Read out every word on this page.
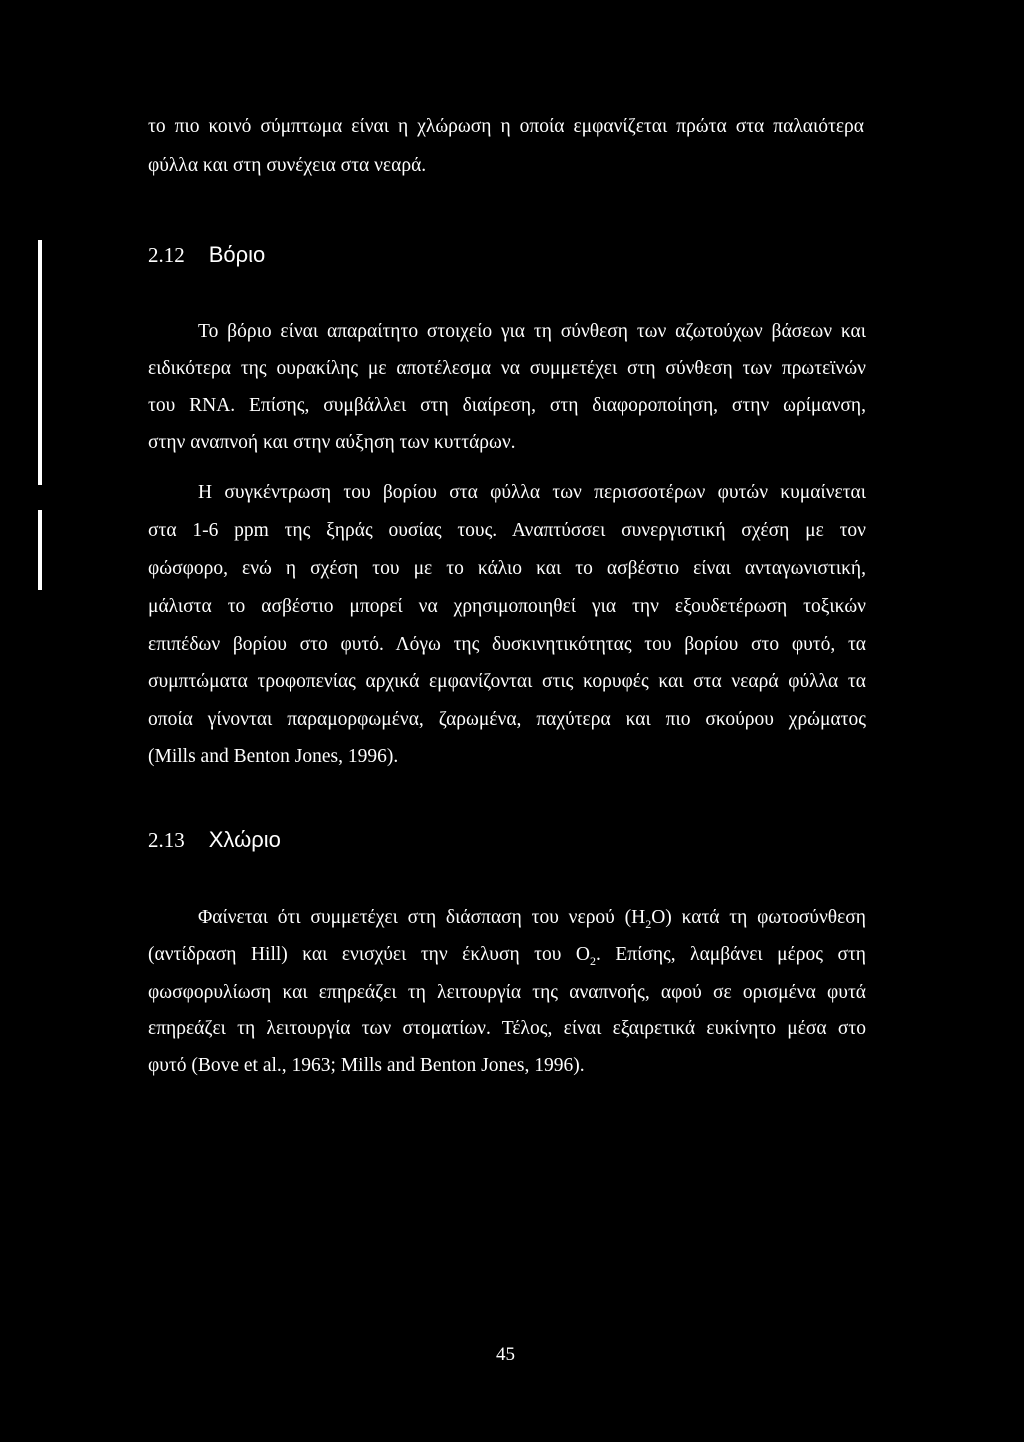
το πιο κοινό σύμπτωμα είναι η χλώρωση η οποία εμφανίζεται πρώτα στα παλαιότερα
φύλλα και στη συνέχεια στα νεαρά.
2.12 Βόριο
Το βόριο είναι απαραίτητο στοιχείο για τη σύνθεση των αζωτούχων βάσεων και
ειδικότερα της ουρακίλης με αποτέλεσμα να συμμετέχει στη σύνθεση των πρωτεϊνών
του RNA. Επίσης, συμβάλλει στη διαίρεση, στη διαφοροποίηση, στην ωρίμανση,
στην αναπνοή και στην αύξηση των κυττάρων.
Η συγκέντρωση του βορίου στα φύλλα των περισσοτέρων φυτών κυμαίνεται
στα 1-6 ppm της ξηράς ουσίας τους. Αναπτύσσει συνεργιστική σχέση με τον
φώσφορο, ενώ η σχέση του με το κάλιο και το ασβέστιο είναι ανταγωνιστική,
μάλιστα το ασβέστιο μπορεί να χρησιμοποιηθεί για την εξουδετέρωση τοξικών
επιπέδων βορίου στο φυτό. Λόγω της δυσκινητικότητας του βορίου στο φυτό, τα
συμπτώματα τροφοπενίας αρχικά εμφανίζονται στις κορυφές και στα νεαρά φύλλα τα
οποία γίνονται παραμορφωμένα, ζαρωμένα, παχύτερα και πιο σκούρου χρώματος
(Mills and Benton Jones, 1996).
2.13 Χλώριο
Φαίνεται ότι συμμετέχει στη διάσπαση του νερού $(H_2O)$ κατά τη φωτοσύνθεση
(αντίδραση Hill) και ενισχύει την έκλυση του $O_2$. Επίσης, λαμβάνει μέρος στη
φωσφορυλίωση και επηρεάζει τη λειτουργία της αναπνοής, αφού σε ορισμένα φυτά
επηρεάζει τη λειτουργία των στοματίων. Τέλος, είναι εξαιρετικά ευκίνητο μέσα στο
φυτό (Bove et al., 1963; Mills and Benton Jones, 1996).
45
